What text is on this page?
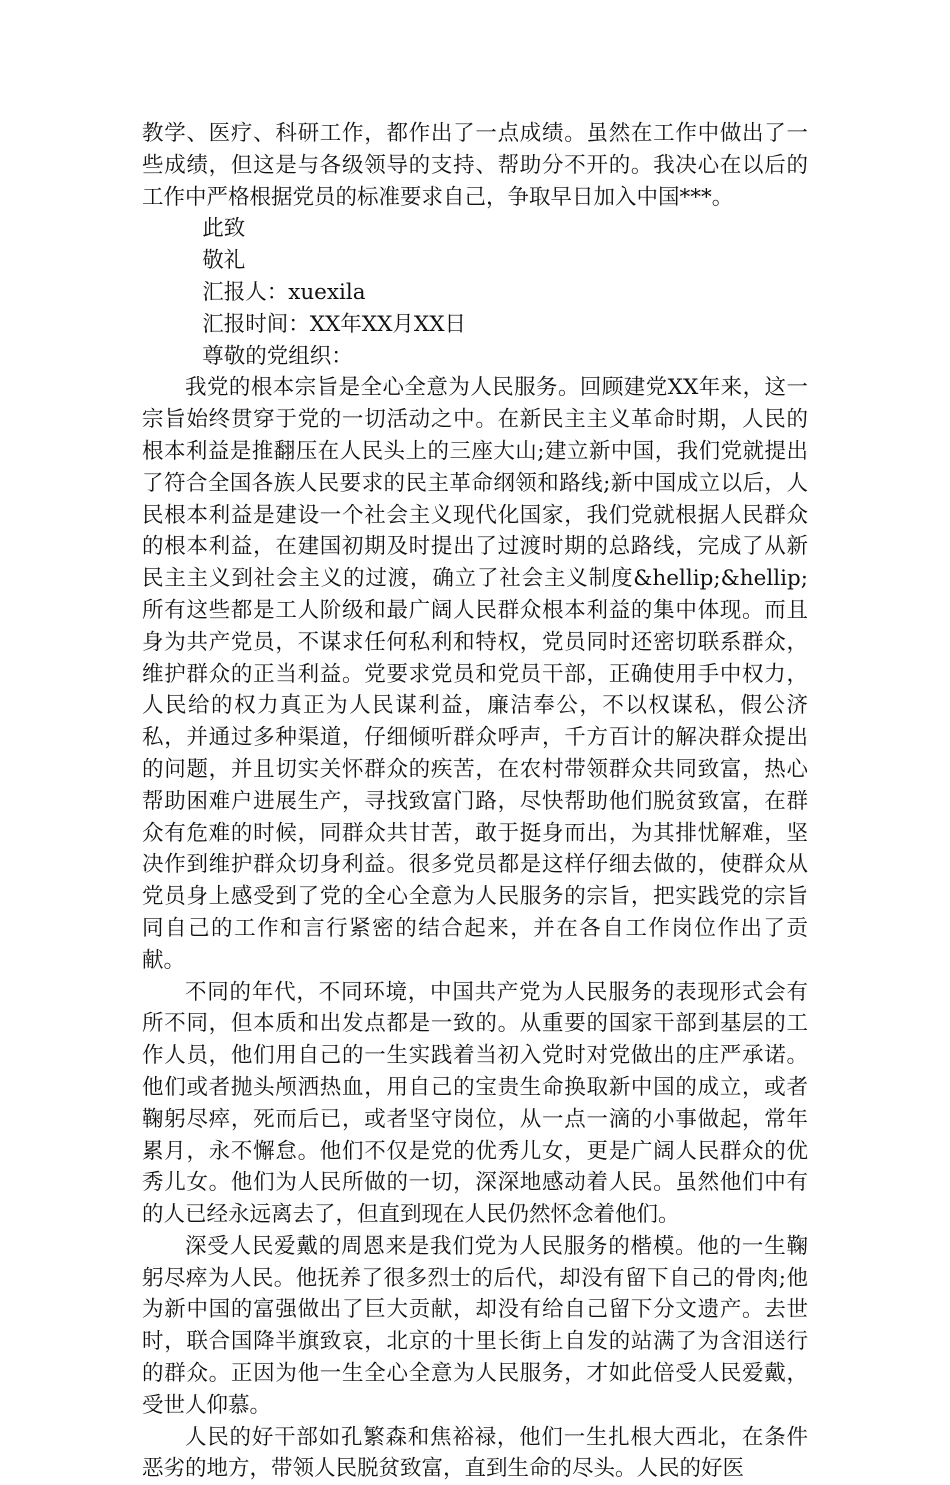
教学、医疗、科研工作，都作出了一点成绩。虽然在工作中做出了一些成绩，但这是与各级领导的支持、帮助分不开的。我决心在以后的工作中严格根据党员的标准要求自己，争取早日加入中国***。

此致

敬礼

汇报人：xuexila

汇报时间：XX年XX月XX日

尊敬的党组织：

我党的根本宗旨是全心全意为人民服务。回顾建党XX年来，这一宗旨始终贯穿于党的一切活动之中。在新民主主义革命时期，人民的根本利益是推翻压在人民头上的三座大山;建立新中国，我们党就提出了符合全国各族人民要求的民主革命纲领和路线;新中国成立以后，人民根本利益是建设一个社会主义现代化国家，我们党就根据人民群众的根本利益，在建国初期及时提出了过渡时期的总路线，完成了从新民主主义到社会主义的过渡，确立了社会主义制度&hellip;&hellip;所有这些都是工人阶级和最广阔人民群众根本利益的集中体现。而且身为共产党员，不谋求任何私利和特权，党员同时还密切联系群众，维护群众的正当利益。党要求党员和党员干部，正确使用手中权力，人民给的权力真正为人民谋利益，廉洁奉公，不以权谋私，假公济私，并通过多种渠道，仔细倾听群众呼声，千方百计的解决群众提出的问题，并且切实关怀群众的疾苦，在农村带领群众共同致富，热心帮助困难户进展生产，寻找致富门路，尽快帮助他们脱贫致富，在群众有危难的时候，同群众共甘苦，敢于挺身而出，为其排忧解难，坚决作到维护群众切身利益。很多党员都是这样仔细去做的，使群众从党员身上感受到了党的全心全意为人民服务的宗旨，把实践党的宗旨同自己的工作和言行紧密的结合起来，并在各自工作岗位作出了贡献。

不同的年代，不同环境，中国共产党为人民服务的表现形式会有所不同，但本质和出发点都是一致的。从重要的国家干部到基层的工作人员，他们用自己的一生实践着当初入党时对党做出的庄严承诺。他们或者抛头颅洒热血，用自己的宝贵生命换取新中国的成立，或者鞠躬尽瘁，死而后已，或者坚守岗位，从一点一滴的小事做起，常年累月，永不懈怠。他们不仅是党的优秀儿女，更是广阔人民群众的优秀儿女。他们为人民所做的一切，深深地感动着人民。虽然他们中有的人已经永远离去了，但直到现在人民仍然怀念着他们。

深受人民爱戴的周恩来是我们党为人民服务的楷模。他的一生鞠躬尽瘁为人民。他抚养了很多烈士的后代，却没有留下自己的骨肉;他为新中国的富强做出了巨大贡献，却没有给自己留下分文遗产。去世时，联合国降半旗致哀，北京的十里长街上自发的站满了为含泪送行的群众。正因为他一生全心全意为人民服务，才如此倍受人民爱戴，受世人仰慕。

人民的好干部如孔繁森和焦裕禄，他们一生扎根大西北，在条件恶劣的地方，带领人民脱贫致富，直到生命的尽头。人民的好医
